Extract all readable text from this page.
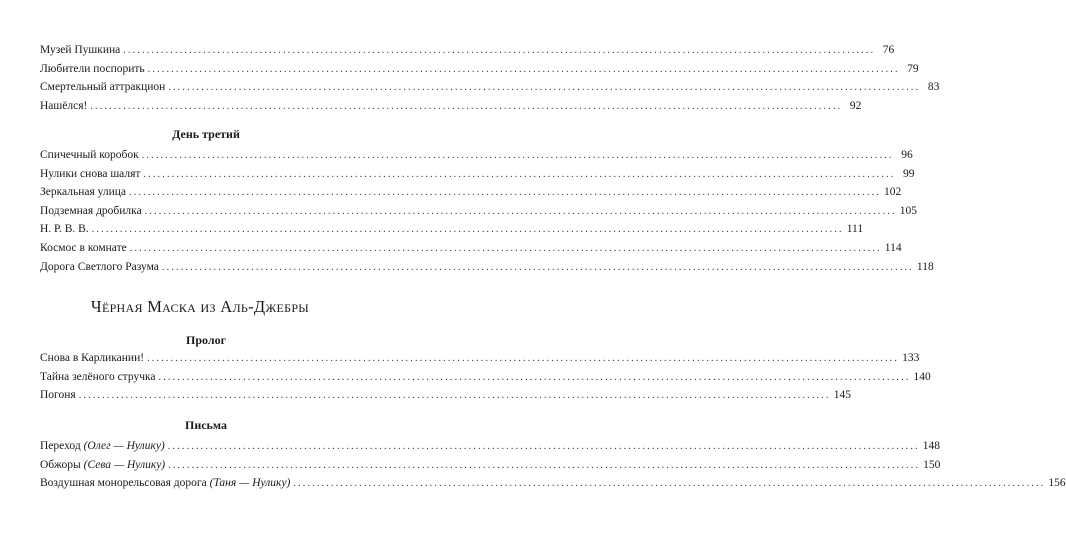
Музей Пушкина ................................................................................................................................................................ 76
Любители поспорить ................................................................................................................................................................ 79
Смертельный аттракцион ................................................................................................................................................................ 83
Нашёлся! ................................................................................................................................................................ 92
День третий
Спичечный коробок ................................................................................................................................................................ 96
Нулики снова шалят ................................................................................................................................................................ 99
Зеркальная улица ................................................................................................................................................................ 102
Подземная дробилка ................................................................................................................................................................ 105
Н. Р. В. В. ................................................................................................................................................................ 111
Космос в комнате ................................................................................................................................................................ 114
Дорога Светлого Разума ................................................................................................................................................................ 118
Чёрная Маска из Аль-Джебры
Пролог
Снова в Карликании! ................................................................................................................................................................ 133
Тайна зелёного стручка ................................................................................................................................................................ 140
Погоня ................................................................................................................................................................ 145
Письма
Переход (Олег — Нулику) ................................................................................................................................................................ 148
Обжоры (Сева — Нулику) ................................................................................................................................................................ 150
Воздушная монорельсовая дорога (Таня — Нулику) ................................................................................................................................................................ 156
